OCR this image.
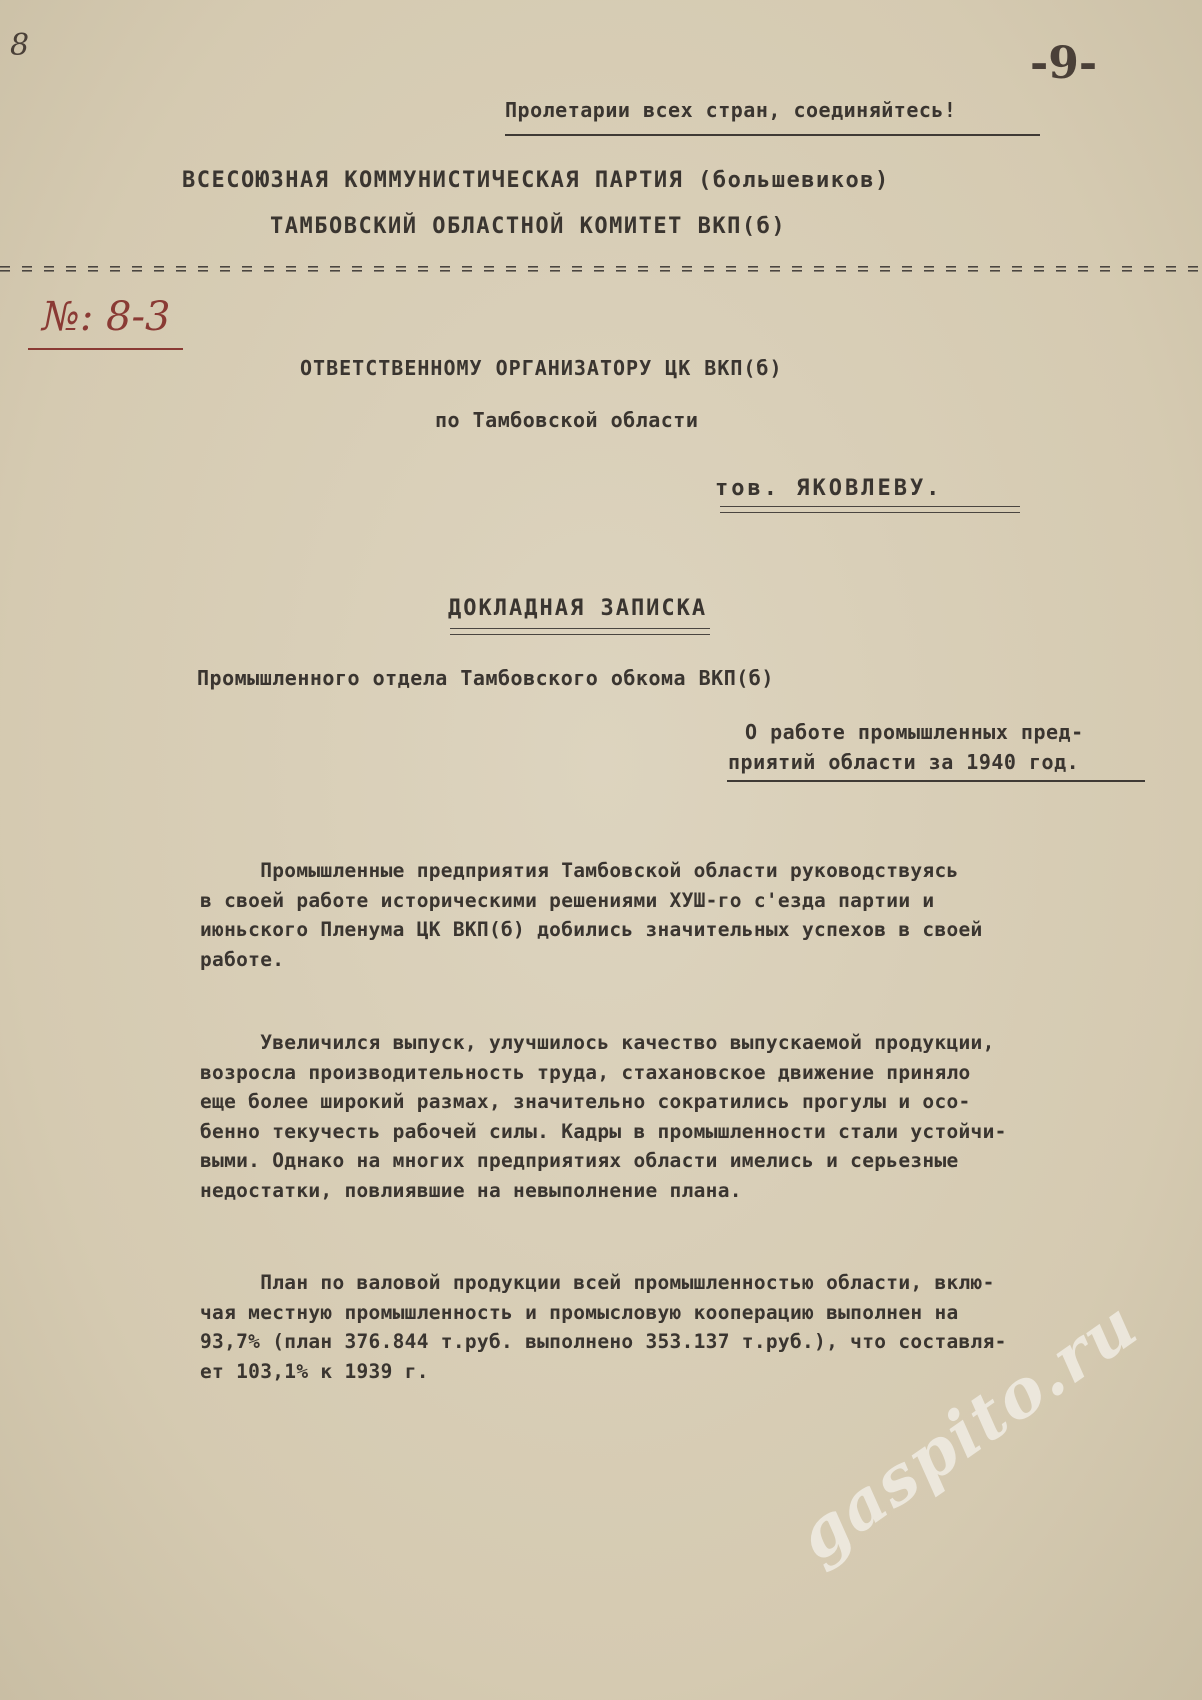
8	-9-
Пролетарии всех стран, соединяйтесь!
ВСЕСОЮЗНАЯ КОММУНИСТИЧЕСКАЯ ПАРТИЯ (большевиков)
ТАМБОВСКИЙ ОБЛАСТНОЙ КОМИТЕТ ВКП(б)
№: 8-3
ОТВЕТСТВЕННОМУ ОРГАНИЗАТОРУ ЦК ВКП(б)
по Тамбовской области
тов. ЯКОВЛЕВУ.
ДОКЛАДНАЯ ЗАПИСКА
Промышленного отдела Тамбовского обкома ВКП(б)
О работе промышленных пред-
приятий области за 1940 год.
Промышленные предприятия Тамбовской области руководствуясь
в своей работе историческими решениями ХУШ-го с'езда партии и
июньского Пленума ЦК ВКП(б) добились значительных успехов в своей
работе.
Увеличился выпуск, улучшилось качество выпускаемой продукции,
возросла производительность труда, стахановское движение приняло
еще более широкий размах, значительно сократились прогулы и осо-
бенно текучесть рабочей силы. Кадры в промышленности стали устойчи-
выми. Однако на многих предприятиях области имелись и серьезные
недостатки, повлиявшие на невыполнение плана.
План по валовой продукции всей промышленностью области, вклю-
чая местную промышленность и промысловую кооперацию выполнен на
93,7% (план 376.844 т.руб. выполнено 353.137 т.руб.), что составля-
ет 103,1% к 1939 г.	gaspito.ru
